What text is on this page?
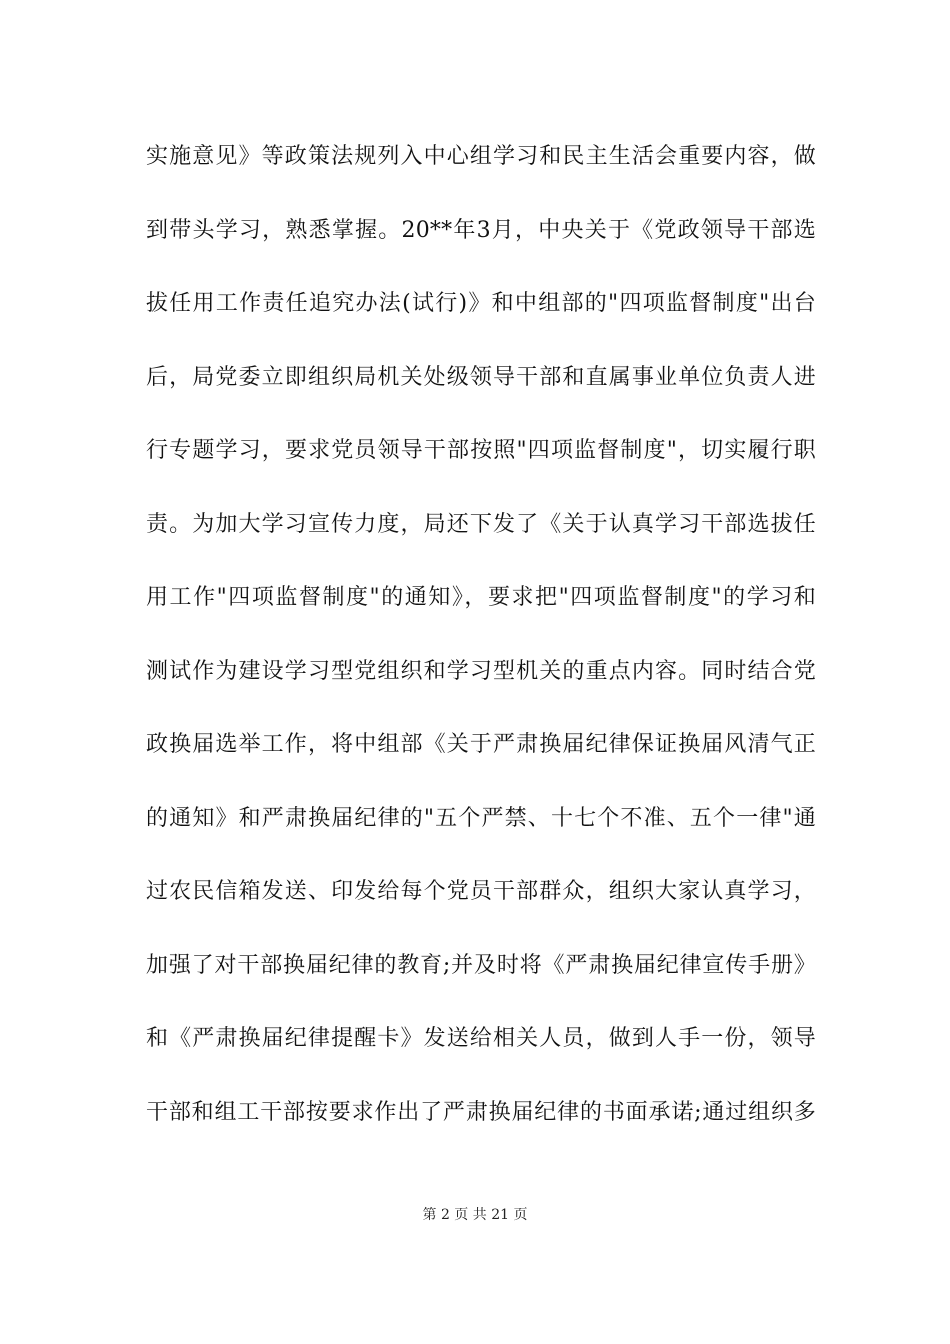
实施意见》等政策法规列入中心组学习和民主生活会重要内容，做
到带头学习，熟悉掌握。20**年3月，中央关于《党政领导干部选
拔任用工作责任追究办法(试行)》和中组部的"四项监督制度"出台
后，局党委立即组织局机关处级领导干部和直属事业单位负责人进
行专题学习，要求党员领导干部按照"四项监督制度"，切实履行职
责。为加大学习宣传力度，局还下发了《关于认真学习干部选拔任
用工作"四项监督制度"的通知》，要求把"四项监督制度"的学习和
测试作为建设学习型党组织和学习型机关的重点内容。同时结合党
政换届选举工作，将中组部《关于严肃换届纪律保证换届风清气正
的通知》和严肃换届纪律的"五个严禁、十七个不准、五个一律"通
过农民信箱发送、印发给每个党员干部群众，组织大家认真学习，
加强了对干部换届纪律的教育;并及时将《严肃换届纪律宣传手册》
和《严肃换届纪律提醒卡》发送给相关人员，做到人手一份，领导
干部和组工干部按要求作出了严肃换届纪律的书面承诺;通过组织多
第 2 页 共 21 页
